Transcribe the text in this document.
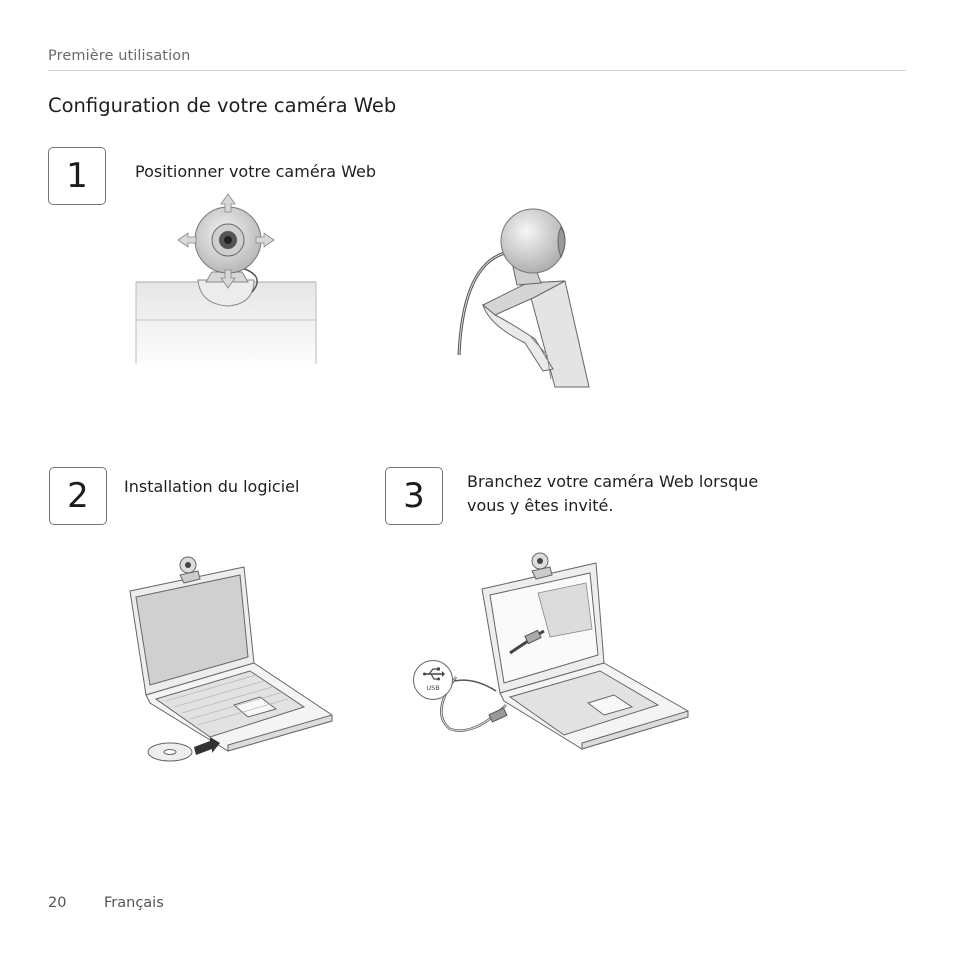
Première utilisation
Configuration de votre caméra Web
1	Positionner votre caméra Web
2	Installation du logiciel	3	Branchez votre caméra Web lorsque vous y êtes invité.
USB
20	Français
